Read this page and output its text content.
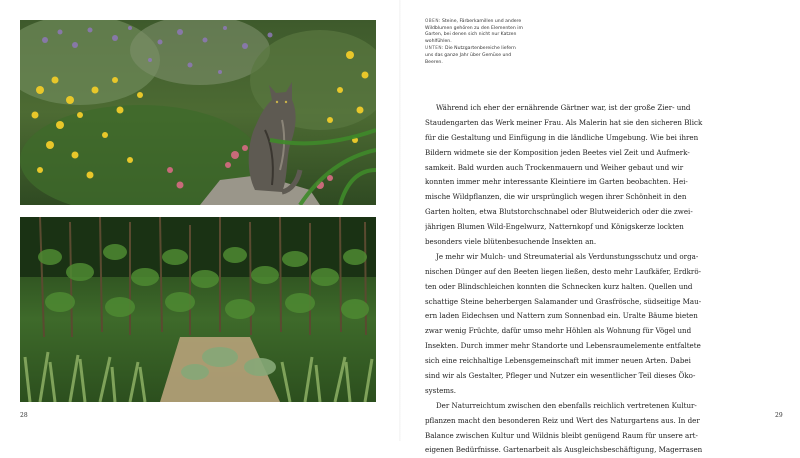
OBEN: Steine, Färberkamillen und andere Wildblumen gehören zu den Elementen im Garten, bei denen sich nicht nur Katzen wohlfühlen.

UNTEN: Die Nutzgartenbereiche liefern uns das ganze Jahr über Gemüse und Beeren.

Während ich eher der ernährende Gärtner war, ist der große Zier- und
Staudengarten das Werk meiner Frau. Als Malerin hat sie den sicheren Blick
für die Gestaltung und Einfügung in die ländliche Umgebung. Wie bei ihren
Bildern widmete sie der Komposition jeden Beetes viel Zeit und Aufmerk-
samkeit. Bald wurden auch Trockenmauern und Weiher gebaut und wir
konnten immer mehr interessante Kleintiere im Garten beobachten. Hei-
mische Wildpflanzen, die wir ursprünglich wegen ihrer Schönheit in den
Garten holten, etwa Blutstorchschnabel oder Blutweiderich oder die zwei-
jährigen Blumen Wild-Engelwurz, Natternkopf und Königskerze lockten
besonders viele blütenbesuchende Insekten an.
Je mehr wir Mulch- und Streumaterial als Verdunstungsschutz und orga-
nischen Dünger auf den Beeten liegen ließen, desto mehr Laufkäfer, Erdkrö-
ten oder Blindschleichen konnten die Schnecken kurz halten. Quellen und
schattige Steine beherbergen Salamander und Grasfrösche, südseitige Mau-
ern laden Eidechsen und Nattern zum Sonnenbad ein. Uralte Bäume bieten
zwar wenig Früchte, dafür umso mehr Höhlen als Wohnung für Vögel und
Insekten. Durch immer mehr Standorte und Lebensraumelemente entfaltete
sich eine reichhaltige Lebensgemeinschaft mit immer neuen Arten. Dabei
sind wir als Gestalter, Pfleger und Nutzer ein wesentlicher Teil dieses Öko-
systems.
Der Naturreichtum zwischen den ebenfalls reichlich vertretenen Kultur-
pflanzen macht den besonderen Reiz und Wert des Naturgartens aus. In der
Balance zwischen Kultur und Wildnis bleibt genügend Raum für unsere art-
eigenen Bedürfnisse. Gartenarbeit als Ausgleichsbeschäftigung, Magerrasen
28	29
